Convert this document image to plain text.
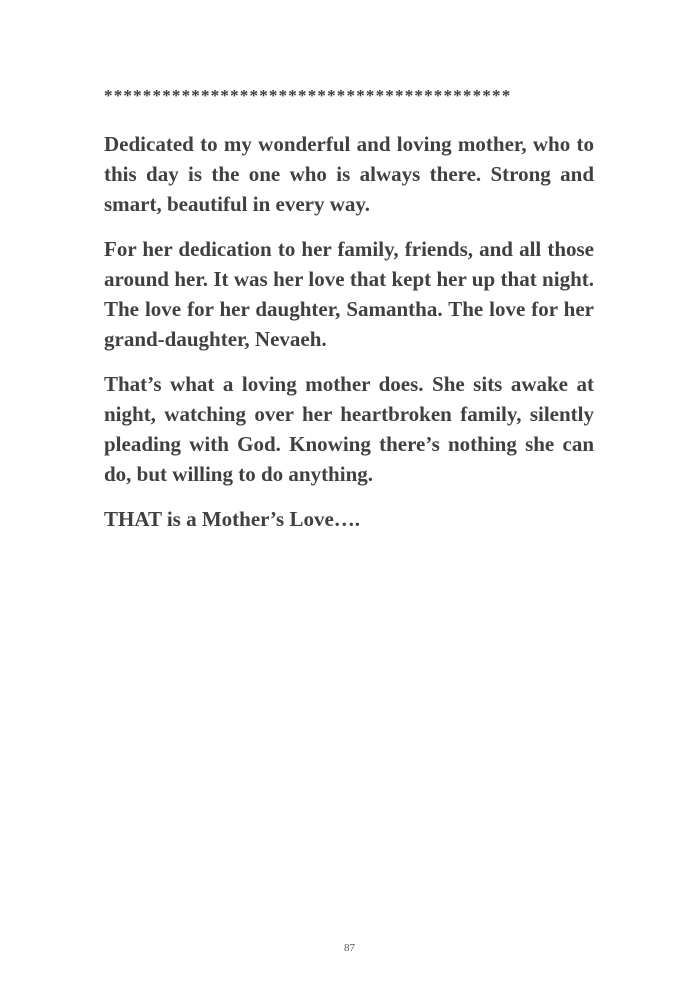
******************************************

Dedicated to my wonderful and loving mother, who to this day is the one who is always there. Strong and smart, beautiful in every way.

For her dedication to her family, friends, and all those around her. It was her love that kept her up that night. The love for her daughter, Samantha. The love for her grand-daughter, Nevaeh.

That’s what a loving mother does. She sits awake at night, watching over her heartbroken family, silently pleading with God. Knowing there’s nothing she can do, but willing to do anything.

THAT is a Mother’s Love….

87
